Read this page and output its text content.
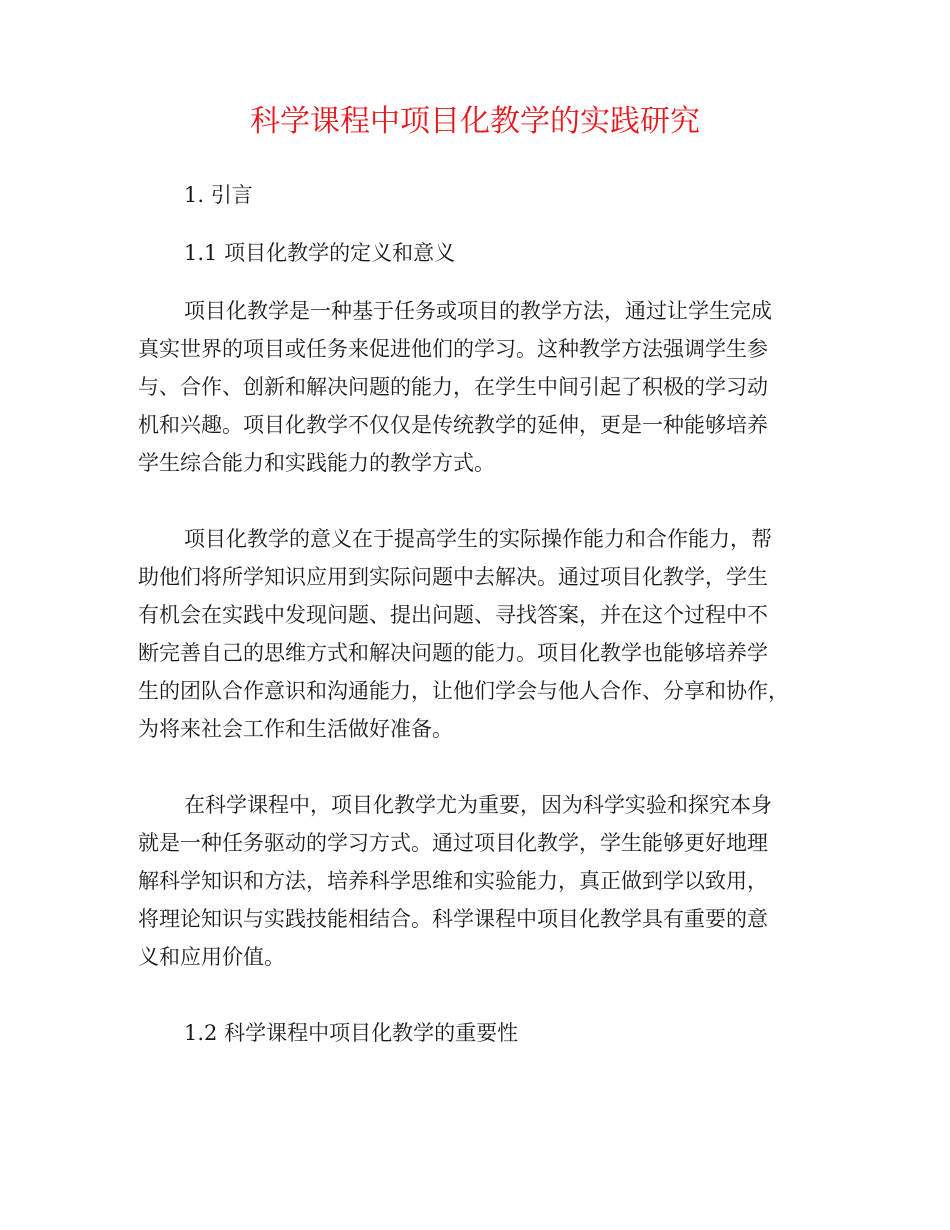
科学课程中项目化教学的实践研究
1. 引言
1.1 项目化教学的定义和意义
项目化教学是一种基于任务或项目的教学方法，通过让学生完成
真实世界的项目或任务来促进他们的学习。这种教学方法强调学生参
与、合作、创新和解决问题的能力，在学生中间引起了积极的学习动
机和兴趣。项目化教学不仅仅是传统教学的延伸，更是一种能够培养
学生综合能力和实践能力的教学方式。
项目化教学的意义在于提高学生的实际操作能力和合作能力，帮
助他们将所学知识应用到实际问题中去解决。通过项目化教学，学生
有机会在实践中发现问题、提出问题、寻找答案，并在这个过程中不
断完善自己的思维方式和解决问题的能力。项目化教学也能够培养学
生的团队合作意识和沟通能力，让他们学会与他人合作、分享和协作，
为将来社会工作和生活做好准备。
在科学课程中，项目化教学尤为重要，因为科学实验和探究本身
就是一种任务驱动的学习方式。通过项目化教学，学生能够更好地理
解科学知识和方法，培养科学思维和实验能力，真正做到学以致用，
将理论知识与实践技能相结合。科学课程中项目化教学具有重要的意
义和应用价值。
1.2 科学课程中项目化教学的重要性
